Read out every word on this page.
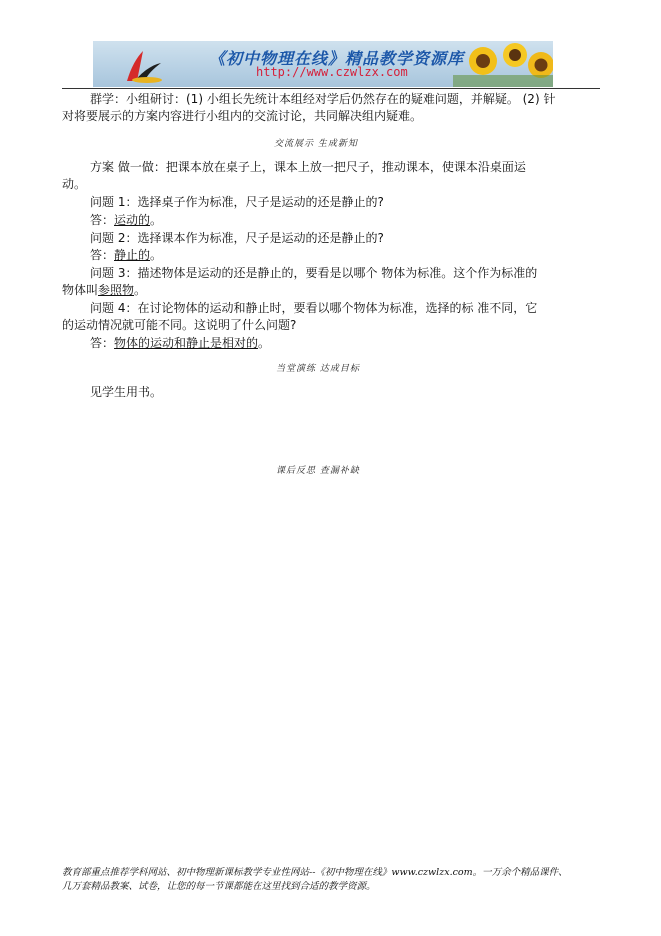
《初中物理在线》精品教学资源库
http://www.czwlzx.com
群学：小组研讨：(1) 小组长先统计本组经对学后仍然存在的疑难问题，并解疑。 (2) 针
对将要展示的方案内容进行小组内的交流讨论，共同解决组内疑难。
交流展示 生成新知
方案 做一做：把课本放在桌子上，课本上放一把尺子，推动课本，使课本沿桌面运
动。
问题 1：选择桌子作为标准，尺子是运动的还是静止的?
答：运动的。
问题 2：选择课本作为标准，尺子是运动的还是静止的?
答：静止的。
问题 3：描述物体是运动的还是静止的，要看是以哪个 物体为标准。这个作为标准的
物体叫参照物。
问题 4：在讨论物体的运动和静止时，要看以哪个物体为标准，选择的标 准不同，它
的运动情况就可能不同。这说明了什么问题?
答：物体的运动和静止是相对的。
当堂演练 达成目标
见学生用书。
课后反思 查漏补缺
教育部重点推荐学科网站、初中物理新课标教学专业性网站--《初中物理在线》www.czwlzx.com。一万余个精品课件、
几万套精品教案、试卷，让您的每一节课都能在这里找到合适的教学资源。
